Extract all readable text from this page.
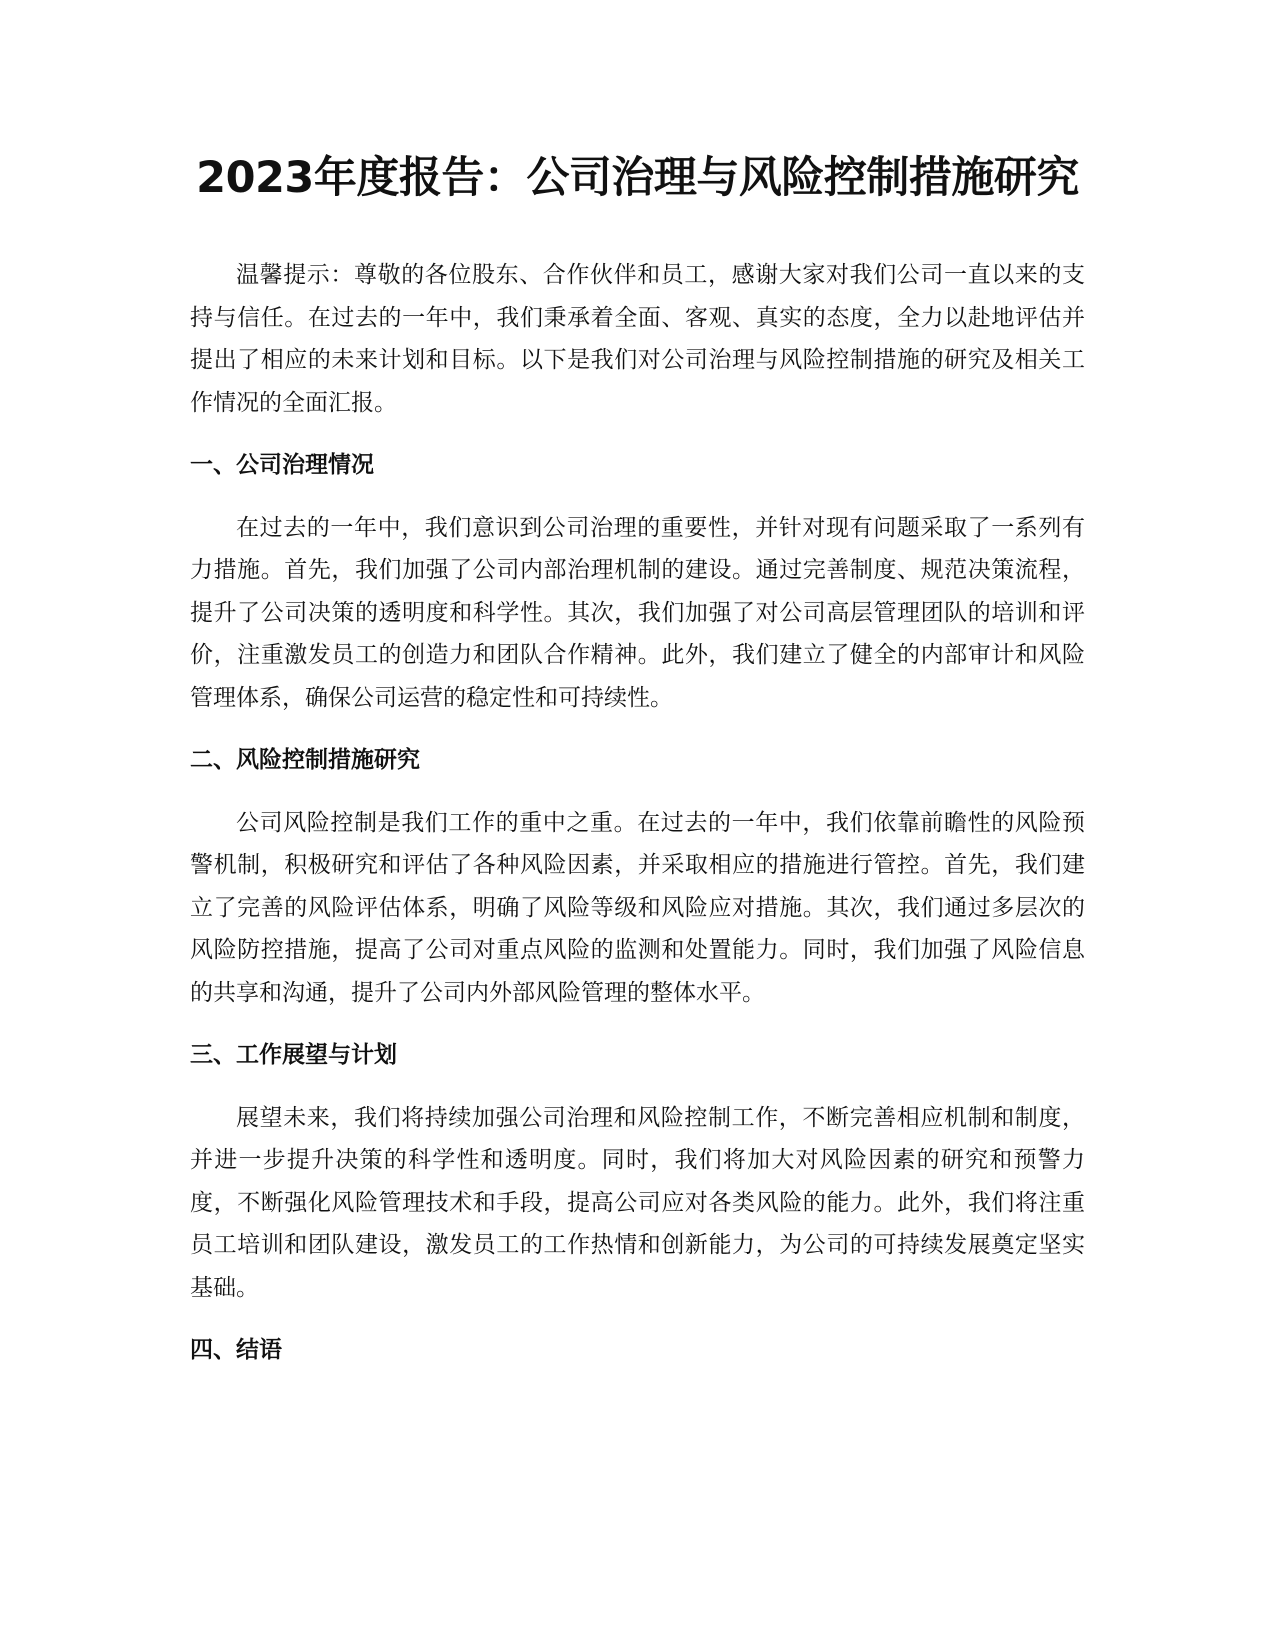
2023年度报告：公司治理与风险控制措施研究

温馨提示：尊敬的各位股东、合作伙伴和员工，感谢大家对我们公司一直以来的支持与信任。在过去的一年中，我们秉承着全面、客观、真实的态度，全力以赴地评估并提出了相应的未来计划和目标。以下是我们对公司治理与风险控制措施的研究及相关工作情况的全面汇报。

一、公司治理情况

在过去的一年中，我们意识到公司治理的重要性，并针对现有问题采取了一系列有力措施。首先，我们加强了公司内部治理机制的建设。通过完善制度、规范决策流程，提升了公司决策的透明度和科学性。其次，我们加强了对公司高层管理团队的培训和评价，注重激发员工的创造力和团队合作精神。此外，我们建立了健全的内部审计和风险管理体系，确保公司运营的稳定性和可持续性。

二、风险控制措施研究

公司风险控制是我们工作的重中之重。在过去的一年中，我们依靠前瞻性的风险预警机制，积极研究和评估了各种风险因素，并采取相应的措施进行管控。首先，我们建立了完善的风险评估体系，明确了风险等级和风险应对措施。其次，我们通过多层次的风险防控措施，提高了公司对重点风险的监测和处置能力。同时，我们加强了风险信息的共享和沟通，提升了公司内外部风险管理的整体水平。

三、工作展望与计划

展望未来，我们将持续加强公司治理和风险控制工作，不断完善相应机制和制度，并进一步提升决策的科学性和透明度。同时，我们将加大对风险因素的研究和预警力度，不断强化风险管理技术和手段，提高公司应对各类风险的能力。此外，我们将注重员工培训和团队建设，激发员工的工作热情和创新能力，为公司的可持续发展奠定坚实基础。

四、结语
